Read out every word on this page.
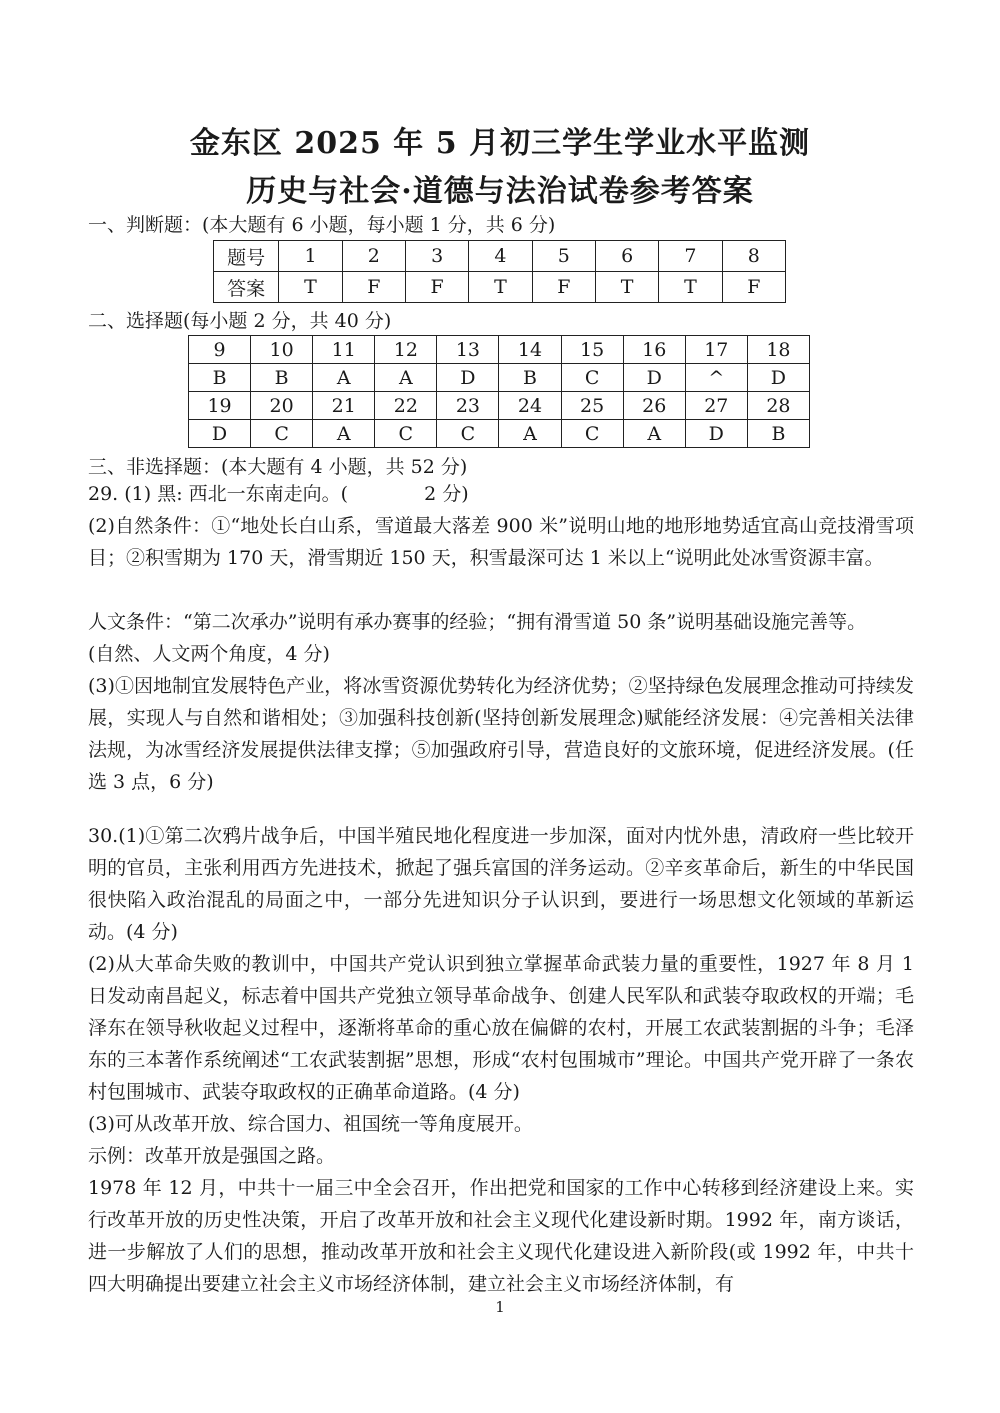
金东区 2025 年 5 月初三学生学业水平监测
历史与社会·道德与法治试卷参考答案
一、判断题：(本大题有 6 小题，每小题 1 分，共 6 分)
题号	1	2	3	4	5	6	7	8
答案	T	F	F	T	F	T	T	F
二、选择题(每小题 2 分，共 40 分)
9	10	11	12	13	14	15	16	17	18
B	B	A	A	D	B	C	D	^	D
19	20	21	22	23	24	25	26	27	28
D	C	A	C	C	A	C	A	D	B
三、非选择题：(本大题有 4 小题，共 52 分)
29. (1) 黑: 西北一东南走向。(　　　　2 分)
(2)自然条件：①“地处长白山系，雪道最大落差 900 米”说明山地的地形地势适宜高山竞技滑雪项目；②积雪期为 170 天，滑雪期近 150 天，积雪最深可达 1 米以上“说明此处冰雪资源丰富。
人文条件：“第二次承办”说明有承办赛事的经验；“拥有滑雪道 50 条”说明基础设施完善等。
(自然、人文两个角度，4 分)
(3)①因地制宜发展特色产业，将冰雪资源优势转化为经济优势；②坚持绿色发展理念推动可持续发展，实现人与自然和谐相处；③加强科技创新(坚持创新发展理念)赋能经济发展：④完善相关法律法规，为冰雪经济发展提供法律支撑；⑤加强政府引导，营造良好的文旅环境，促进经济发展。(任选 3 点，6 分)
30.(1)①第二次鸦片战争后，中国半殖民地化程度进一步加深，面对内忧外患，清政府一些比较开明的官员，主张利用西方先进技术，掀起了强兵富国的洋务运动。②辛亥革命后，新生的中华民国很快陷入政治混乱的局面之中，一部分先进知识分子认识到，要进行一场思想文化领域的革新运动。(4 分)
(2)从大革命失败的教训中，中国共产党认识到独立掌握革命武装力量的重要性，1927 年 8 月 1 日发动南昌起义，标志着中国共产党独立领导革命战争、创建人民军队和武装夺取政权的开端；毛泽东在领导秋收起义过程中，逐渐将革命的重心放在偏僻的农村，开展工农武装割据的斗争；毛泽东的三本著作系统阐述“工农武装割据”思想，形成“农村包围城市”理论。中国共产党开辟了一条农村包围城市、武装夺取政权的正确革命道路。(4 分)
(3)可从改革开放、综合国力、祖国统一等角度展开。
示例：改革开放是强国之路。
1978 年 12 月，中共十一届三中全会召开，作出把党和国家的工作中心转移到经济建设上来。实行改革开放的历史性决策，开启了改革开放和社会主义现代化建设新时期。1992 年，南方谈话，进一步解放了人们的思想，推动改革开放和社会主义现代化建设进入新阶段(或 1992 年，中共十四大明确提出要建立社会主义市场经济体制，建立社会主义市场经济体制，有
1
